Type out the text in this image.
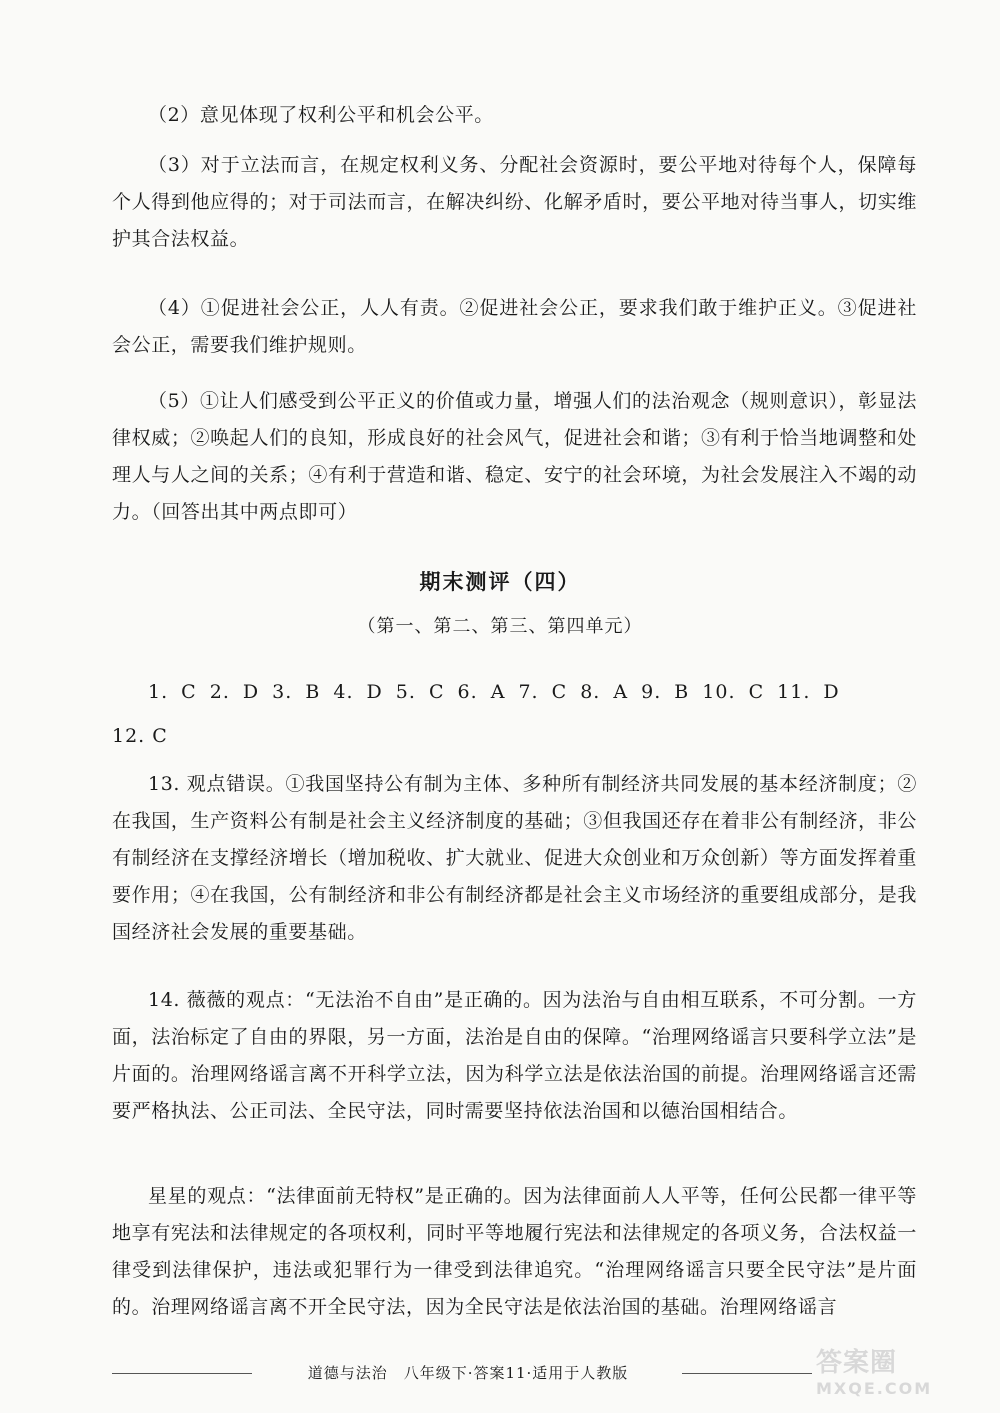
（2）意见体现了权利公平和机会公平。

（3）对于立法而言，在规定权利义务、分配社会资源时，要公平地对待每个人，保障每个人得到他应得的；对于司法而言，在解决纠纷、化解矛盾时，要公平地对待当事人，切实维护其合法权益。

（4）①促进社会公正，人人有责。②促进社会公正，要求我们敢于维护正义。③促进社会公正，需要我们维护规则。

（5）①让人们感受到公平正义的价值或力量，增强人们的法治观念（规则意识），彰显法律权威；②唤起人们的良知，形成良好的社会风气，促进社会和谐；③有利于恰当地调整和处理人与人之间的关系；④有利于营造和谐、稳定、安宁的社会环境，为社会发展注入不竭的动力。（回答出其中两点即可）

期末测评（四）
（第一、第二、第三、第四单元）
1. C 2. D 3. B 4. D 5. C 6. A 7. C 8. A 9. B 10. C 11. D
12. C

13. 观点错误。①我国坚持公有制为主体、多种所有制经济共同发展的基本经济制度；②在我国，生产资料公有制是社会主义经济制度的基础；③但我国还存在着非公有制经济，非公有制经济在支撑经济增长（增加税收、扩大就业、促进大众创业和万众创新）等方面发挥着重要作用；④在我国，公有制经济和非公有制经济都是社会主义市场经济的重要组成部分，是我国经济社会发展的重要基础。

14. 薇薇的观点：“无法治不自由”是正确的。因为法治与自由相互联系，不可分割。一方面，法治标定了自由的界限，另一方面，法治是自由的保障。“治理网络谣言只要科学立法”是片面的。治理网络谣言离不开科学立法，因为科学立法是依法治国的前提。治理网络谣言还需要严格执法、公正司法、全民守法，同时需要坚持依法治国和以德治国相结合。

星星的观点：“法律面前无特权”是正确的。因为法律面前人人平等，任何公民都一律平等地享有宪法和法律规定的各项权利，同时平等地履行宪法和法律规定的各项义务，合法权益一律受到法律保护，违法或犯罪行为一律受到法律追究。“治理网络谣言只要全民守法”是片面的。治理网络谣言离不开全民守法，因为全民守法是依法治国的基础。治理网络谣言

道德与法治　八年级下·答案11·适用于人教版	答案圈
MXQE.COM
